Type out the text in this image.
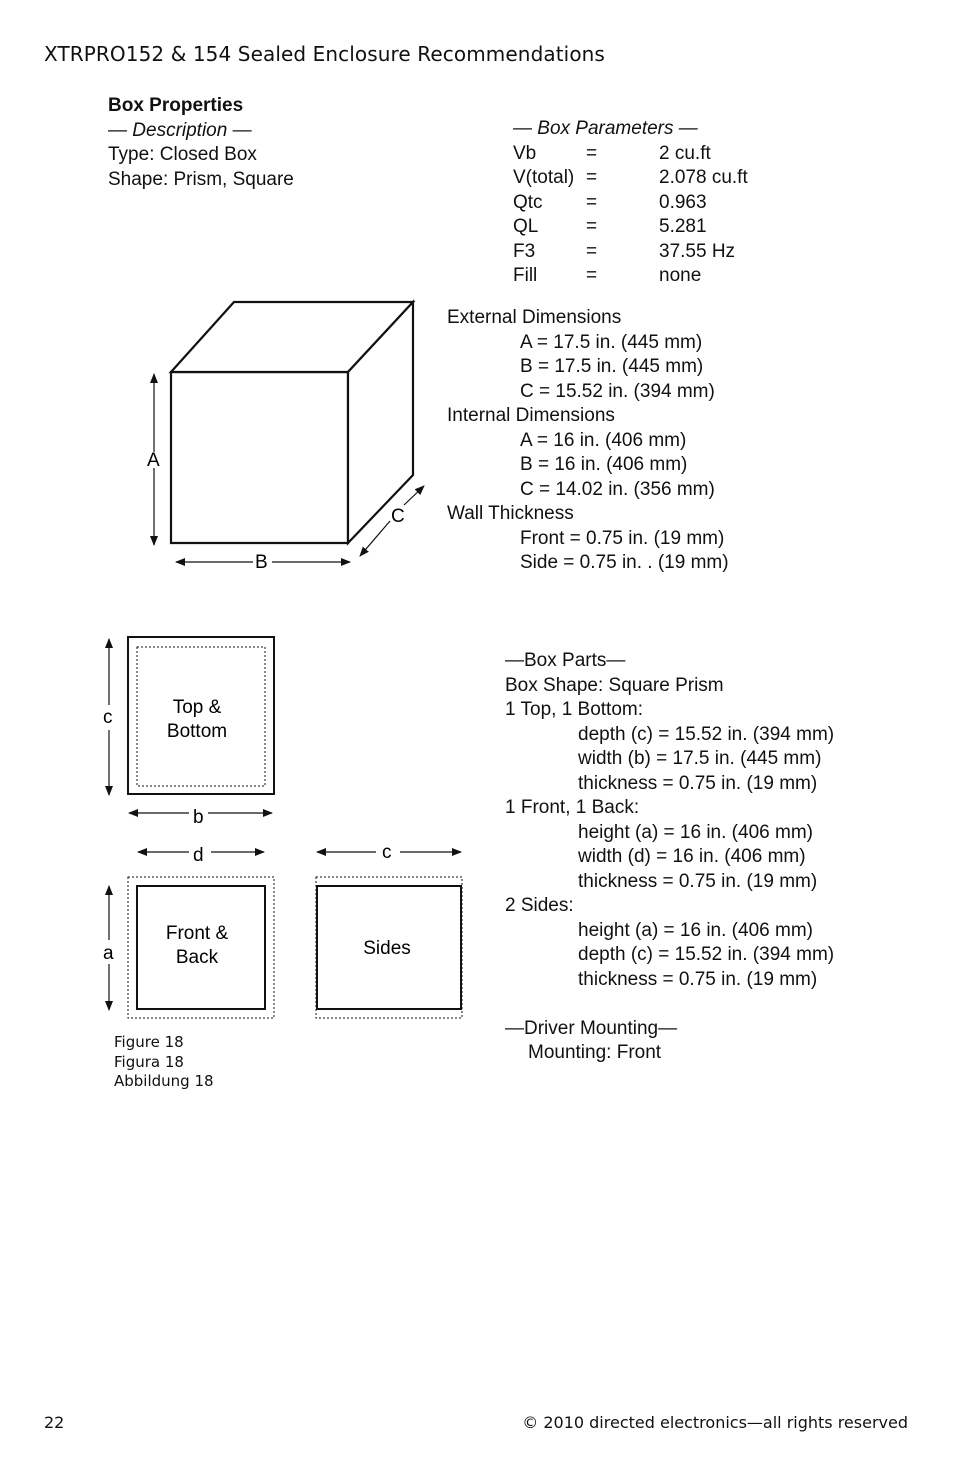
XTRPRO152 & 154 Sealed Enclosure Recommendations
Box Properties
— Description —
Type: Closed Box
Shape: Prism, Square
— Box Parameters —
Vb	=	2 cu.ft
V(total) =	2.078 cu.ft
Qtc	=	0.963
QL	=	5.281
F3	=	37.55 Hz
Fill	=	none
A
B
C
External Dimensions
A = 17.5 in. (445 mm)
B = 17.5 in. (445 mm)
C = 15.52 in. (394 mm)
Internal Dimensions
A = 16 in. (406 mm)
B = 16 in. (406 mm)
C = 14.02 in. (356 mm)
Wall Thickness
Front = 0.75 in. (19 mm)
Side = 0.75 in. . (19 mm)
c
b
d	c
a
Top &
Bottom
Front &
Back	Sides
Figure 18
Figura 18
Abbildung 18
—Box Parts—
Box Shape: Square Prism
1 Top, 1 Bottom:
depth (c) = 15.52 in. (394 mm)
width (b) = 17.5 in. (445 mm)
thickness = 0.75 in. (19 mm)
1 Front, 1 Back:
height (a) = 16 in. (406 mm)
width (d) = 16 in. (406 mm)
thickness = 0.75 in. (19 mm)
2 Sides:
height (a) = 16 in. (406 mm)
depth (c) = 15.52 in. (394 mm)
thickness = 0.75 in. (19 mm)
—Driver Mounting—
Mounting: Front
22	© 2010 directed electronics—all rights reserved
